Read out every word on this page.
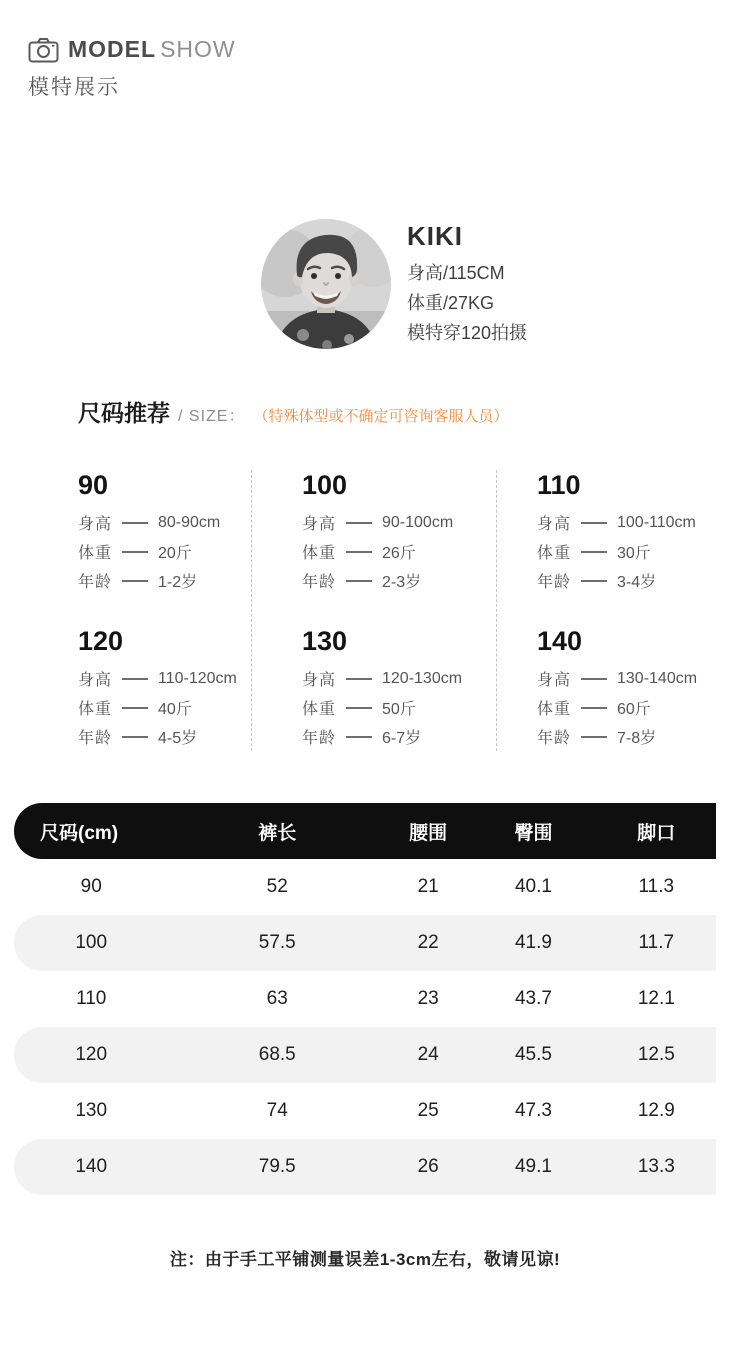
MODEL SHOW
模特展示
KIKI
身高/115CM
体重/27KG
模特穿120拍摄
尺码推荐 / SIZE： （特殊体型或不确定可咨询客服人员）
90
身高	80-90cm
体重	20斤
年龄	1-2岁
120
身高	110-120cm
体重	40斤
年龄	4-5岁
100
身高	90-100cm
体重	26斤
年龄	2-3岁
130
身高	120-130cm
体重	50斤
年龄	6-7岁
110
身高	100-110cm
体重	30斤
年龄	3-4岁
140
身高	130-140cm
体重	60斤
年龄	7-8岁
尺码(cm)	裤长	腰围	臀围	脚口
90	52	21	40.1	11.3
100	57.5	22	41.9	11.7
110	63	23	43.7	12.1
120	68.5	24	45.5	12.5
130	74	25	47.3	12.9
140	79.5	26	49.1	13.3
注：由于手工平铺测量误差1-3cm左右，敬请见谅!
